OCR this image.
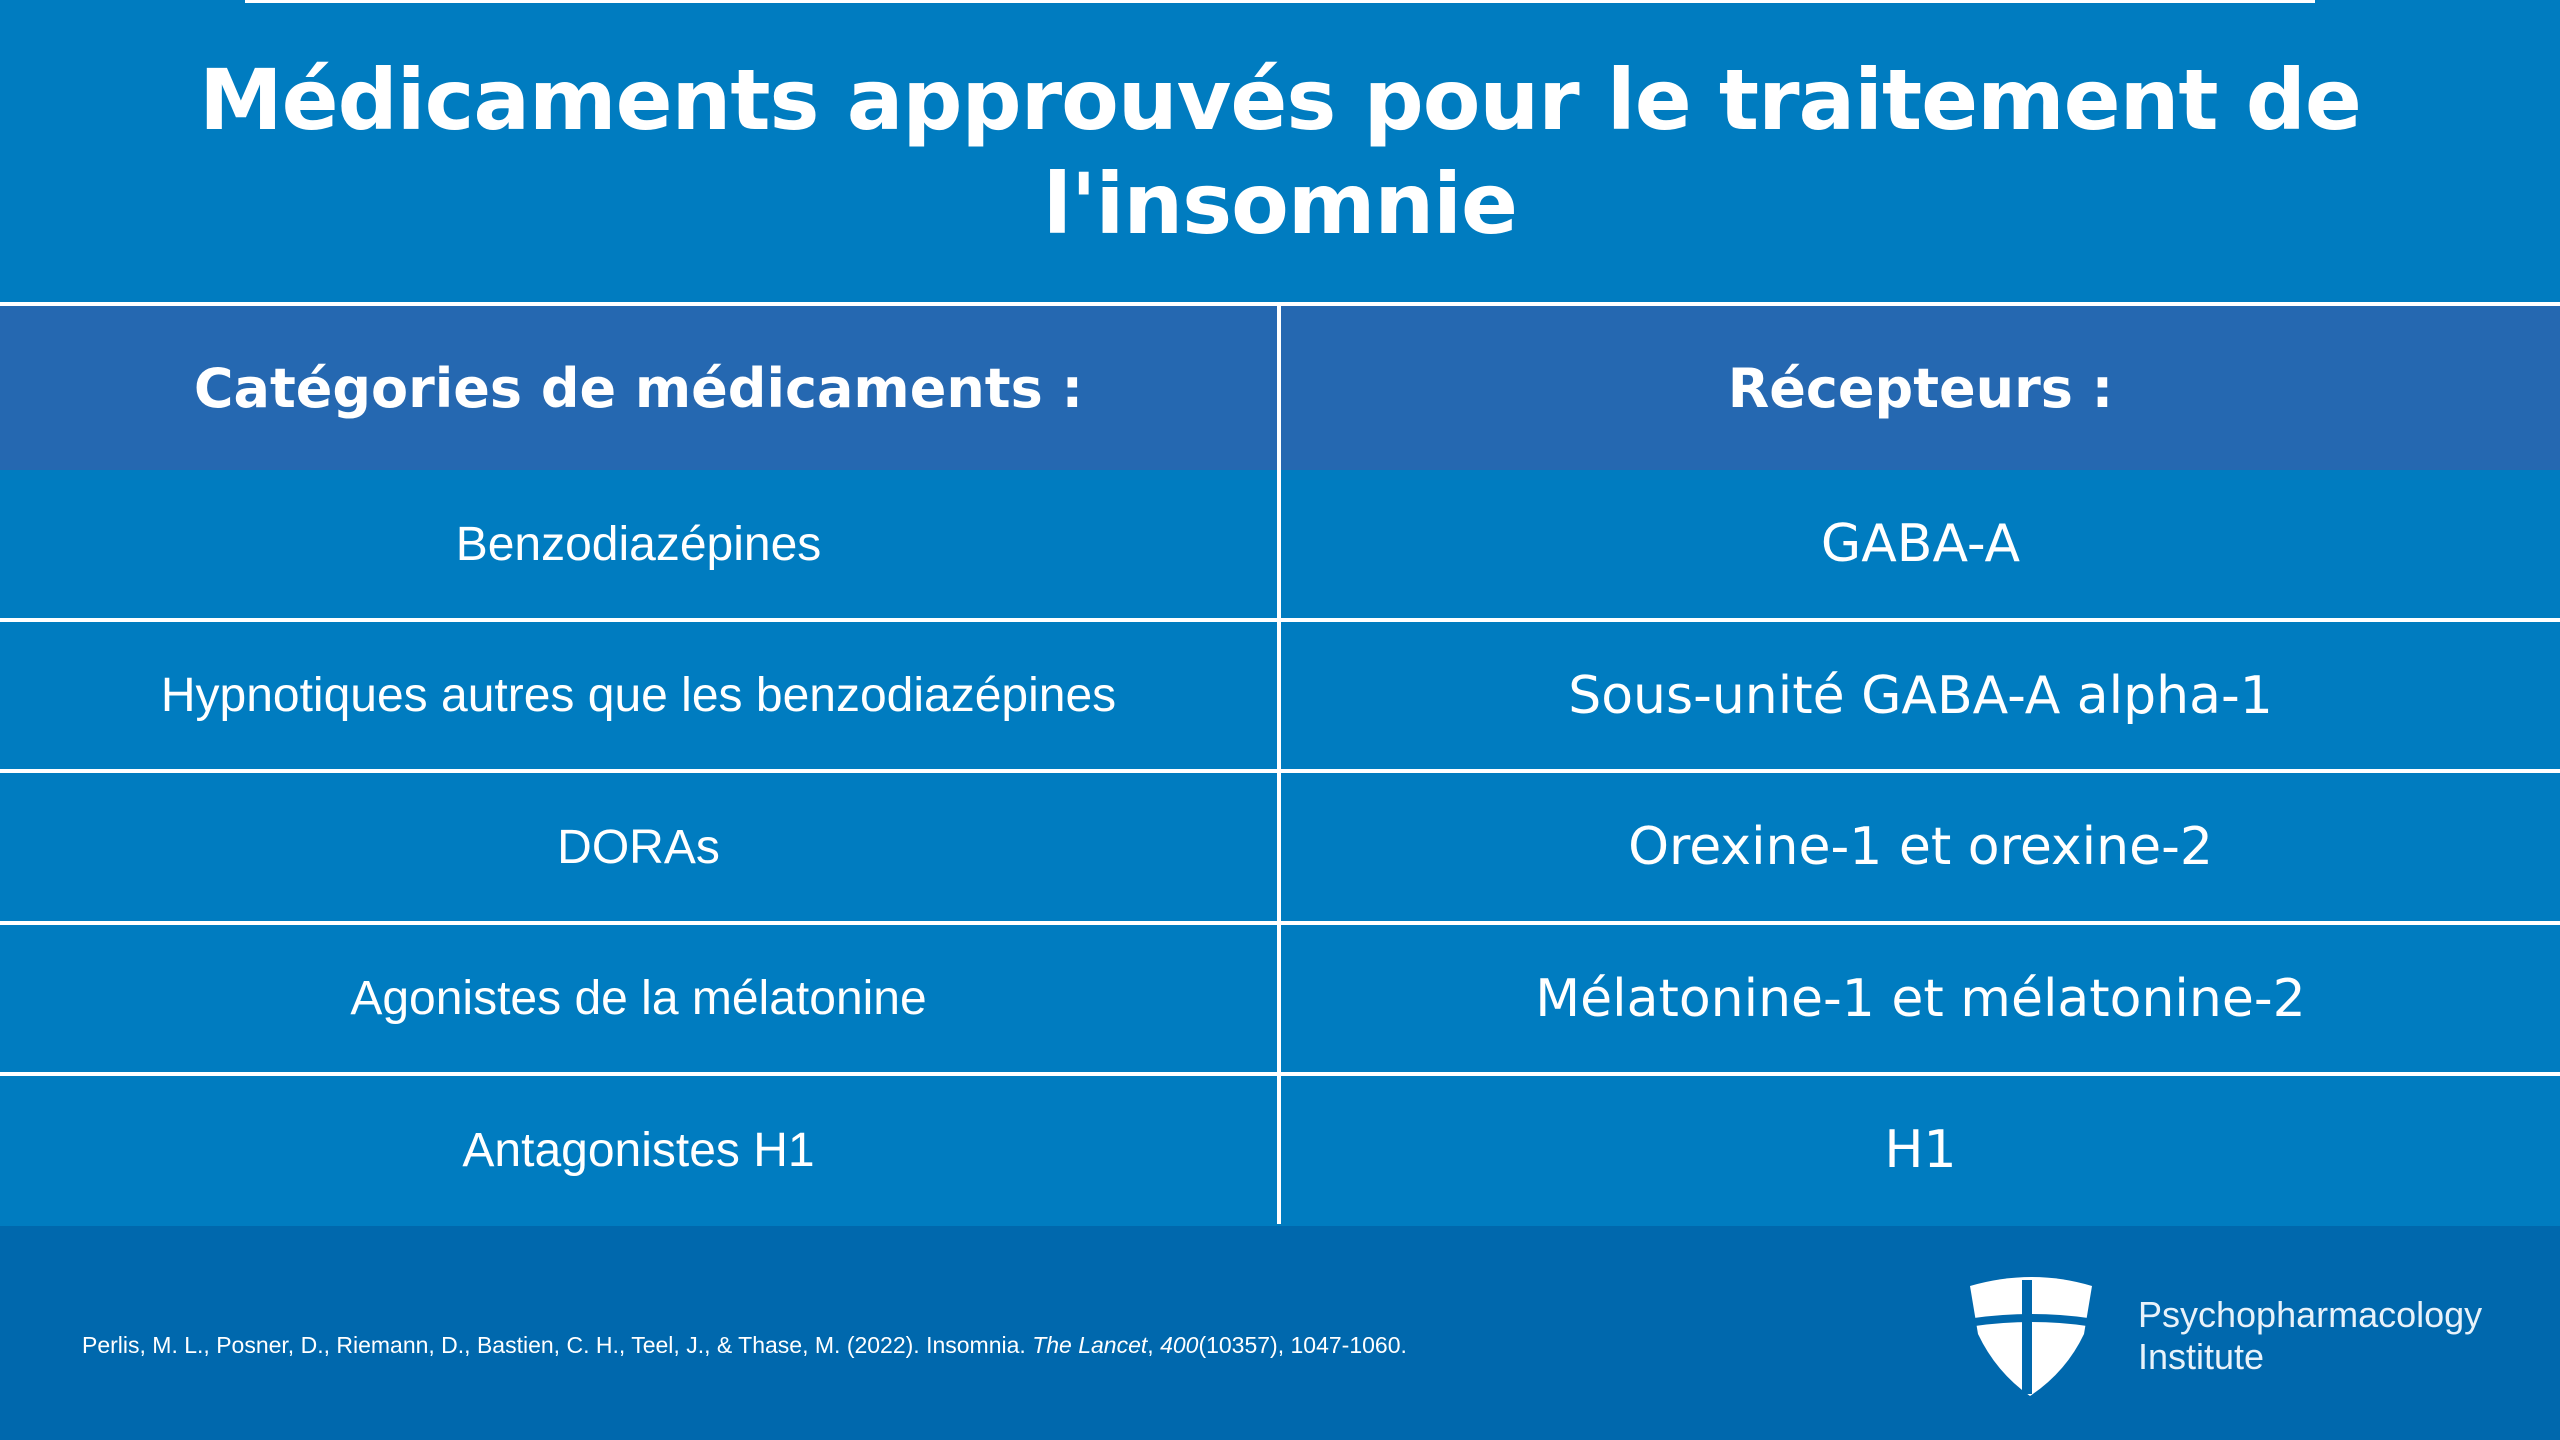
Médicaments approuvés pour le traitement de l'insomnie
Catégories de médicaments :	Récepteurs :
Benzodiazépines	GABA-A
Hypnotiques autres que les benzodiazépines	Sous-unité GABA-A alpha-1
DORAs	Orexine-1 et orexine-2
Agonistes de la mélatonine	Mélatonine-1 et mélatonine-2
Antagonistes H1	H1
Perlis, M. L., Posner, D., Riemann, D., Bastien, C. H., Teel, J., & Thase, M. (2022). Insomnia. The Lancet, 400(10357), 1047-1060.
Psychopharmacology
Institute
